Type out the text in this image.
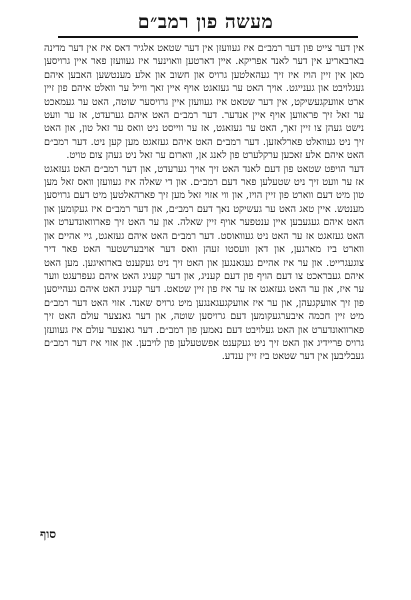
מעשה פון רמב״ם

אין דער צייט פון דער רמב״ם איז געוועזן אין דער שטאט אלגיר דאס איז אין דער מדינה בארבאריע אין דער לאנד אפריקא. איין דארטען וואוינער איז געוועזן פאר איין גרויסען מאן אין זיין הויז איז זיך געהאלטען גרויס און חשוב און אלע מענטשען האבען איהם געגלויבט און גענייגט. אויך האט ער געזאגט אויף איין זאך ווייל ער וואלט איהם פון זיין ארט אוועקגעשיקט, אין דער שטאט איז געוועזן איין גרויסער שוטה, האט ער געמאכט ער זאל זיך פראווען אויף איין אנדער. דער רמב״ם האט איהם גערעדט, אז ער וועט נישט געהן צו זיין זאך, האט ער געזאגט, אז ער ווייסט ניט וואס ער זאל טון, און האט זיך ניט געוואלט פארלאזען. דער רמב״ם האט איהם געזאגט מען קען ניט. דער רמב״ם האט איהם אלע זאכען ערקלערט פון לאנג אן, ווארום ער זאל ניט געהן צום טויט.

דער הויפט שטאט פון דעם לאנד האט זיך אויך גערעדט, און דער רמב״ם האט געזאגט אז ער וועט זיך ניט שטעלען פאר דעם רמב״ם. און די שאלה איז געוועזן וואס זאל מען טון מיט דעם ווארט פון זיין הויז, און ווי אזוי זאל מען זיך פארהאלטען מיט דעם גרויסען מענטש. איין טאג האט ער געשיקט נאך דעם רמב״ם, און דער רמב״ם איז געקומען און האט איהם געגעבען איין ענטפער אויף זיין שאלה. און ער האט זיך פארוואונדערט און האט געזאגט אז ער האט ניט געוואוסט. דער רמב״ם האט איהם געזאגט, גיי אהיים און ווארט ביז מארגען, און דאן וועסטו זעהן וואס דער אויבערשטער האט פאר דיר צוגעגרייט. און ער איז אהיים געגאנגען און האט זיך ניט געקענט בארואיגען. מען האט איהם געבראכט צו דעם הויף פון דעם קעניג, און דער קעניג האט איהם געפרעגט ווער ער איז, און ער האט געזאגט אז ער איז פון זיין שטאט. דער קעניג האט איהם געהייסען פון זיך אוועקגעהן, און ער איז אוועקגעגאנגען מיט גרויס שאנד. אזוי האט דער רמב״ם מיט זיין חכמה איבערגעקומען דעם גרויסען שוטה, און דער גאנצער עולם האט זיך פארוואונדערט און האט געלויבט דעם נאמען פון רמב״ם. דער גאנצער עולם איז געוועזן גרויס פריידיג און האט זיך ניט געקענט אפשטעלען פון לויבען. און אזוי איז דער רמב״ם געבליבען אין דער שטאט ביז זיין ענדע.

סוף
